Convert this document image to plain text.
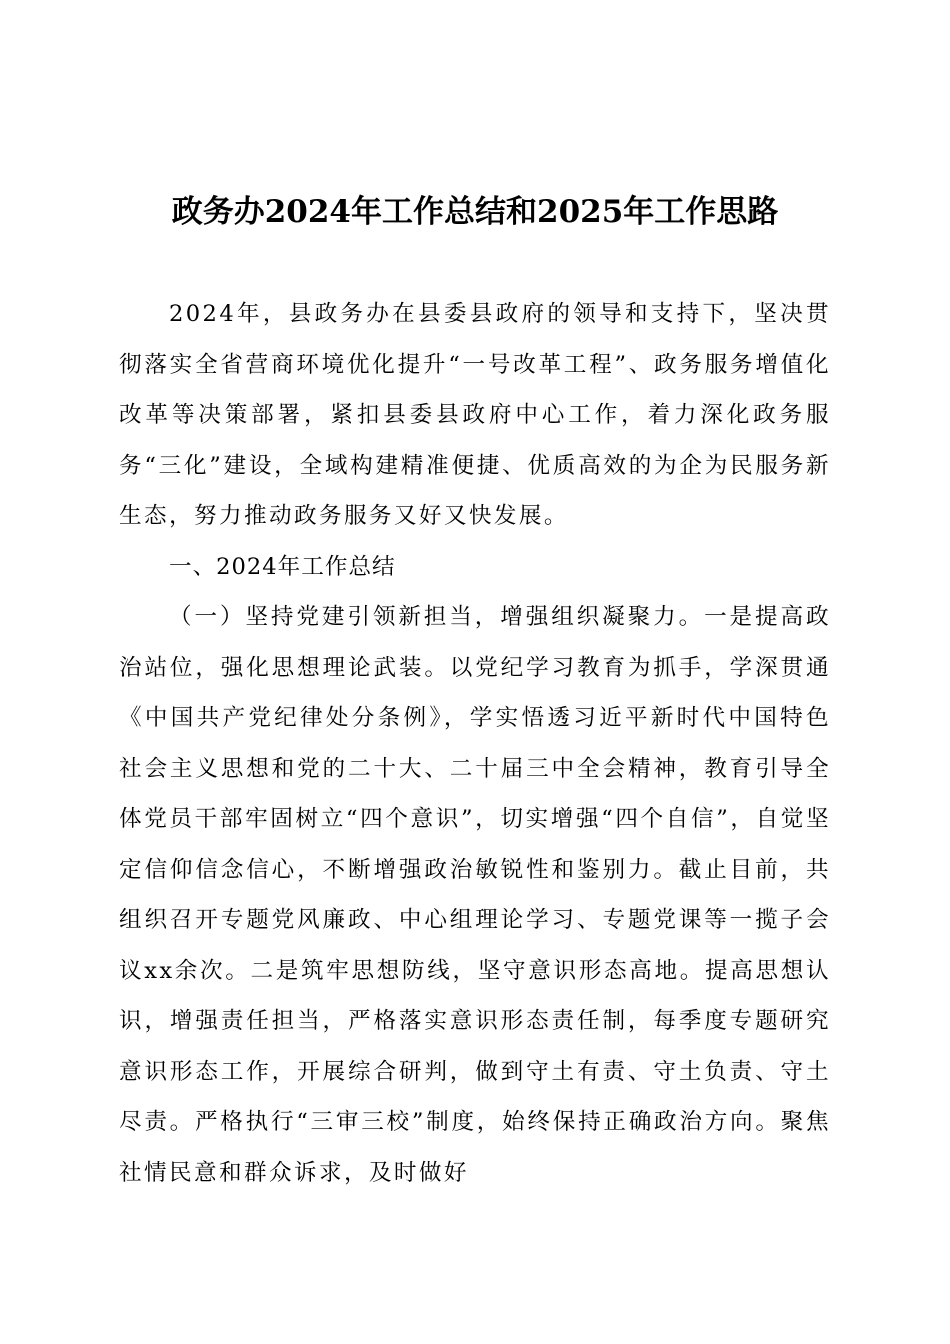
政务办2024年工作总结和2025年工作思路

2024年，县政务办在县委县政府的领导和支持下，坚决贯彻落实全省营商环境优化提升“一号改革工程”、政务服务增值化改革等决策部署，紧扣县委县政府中心工作，着力深化政务服务“三化”建设，全域构建精准便捷、优质高效的为企为民服务新生态，努力推动政务服务又好又快发展。

一、2024年工作总结

（一）坚持党建引领新担当，增强组织凝聚力。一是提高政治站位，强化思想理论武装。以党纪学习教育为抓手，学深贯通《中国共产党纪律处分条例》，学实悟透习近平新时代中国特色社会主义思想和党的二十大、二十届三中全会精神，教育引导全体党员干部牢固树立“四个意识”，切实增强“四个自信”，自觉坚定信仰信念信心，不断增强政治敏锐性和鉴别力。截止目前，共组织召开专题党风廉政、中心组理论学习、专题党课等一揽子会议xx余次。二是筑牢思想防线，坚守意识形态高地。提高思想认识，增强责任担当，严格落实意识形态责任制，每季度专题研究意识形态工作，开展综合研判，做到守土有责、守土负责、守土尽责。严格执行“三审三校”制度，始终保持正确政治方向。聚焦社情民意和群众诉求，及时做好
